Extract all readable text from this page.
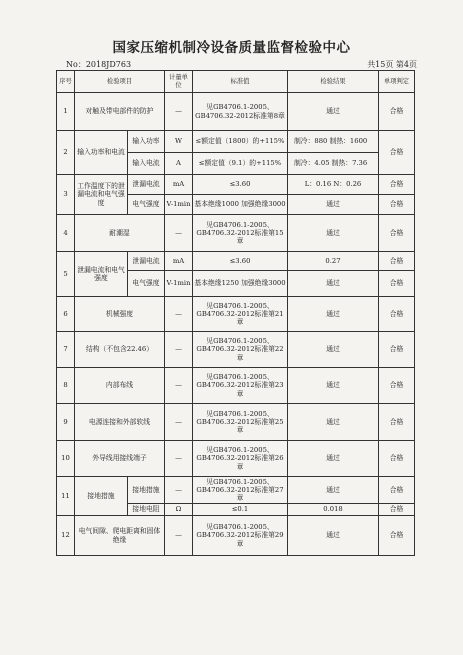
国家压缩机制冷设备质量监督检验中心
No：2018JD763	共15页 第4页
序号	检验项目		计量单位	标准值	检验结果	单项判定
1	对触及带电部件的防护		—	见GB4706.1-2005、GB4706.32-2012标准第8章	通过	合格
2	输入功率和电流	输入功率	W	≤额定值（1800）的+115%	制冷：880 制热：1600	合格
		输入电流	A	≤额定值（9.1）的+115%	制冷：4.05 制热：7.36	
3	工作温度下的泄漏电流和电气强度	泄漏电流	mA	≤3.60	L：0.16 N：0.26	合格
		电气强度	V-1min	基本绝缘1000 加强绝缘3000	通过	合格
4	耐潮湿		—	见GB4706.1-2005、GB4706.32-2012标准第15章	通过	合格
5	泄漏电流和电气强度	泄漏电流	mA	≤3.60	0.27	合格
		电气强度	V-1min	基本绝缘1250 加强绝缘3000	通过	合格
6	机械强度		—	见GB4706.1-2005、GB4706.32-2012标准第21章	通过	合格
7	结构（不包含22.46）		—	见GB4706.1-2005、GB4706.32-2012标准第22章	通过	合格
8	内部布线		—	见GB4706.1-2005、GB4706.32-2012标准第23章	通过	合格
9	电源连接和外部软线		—	见GB4706.1-2005、GB4706.32-2012标准第25章	通过	合格
10	外导线用接线端子		—	见GB4706.1-2005、GB4706.32-2012标准第26章	通过	合格
11	接地措施	接地措施	—	见GB4706.1-2005、GB4706.32-2012标准第27章	通过	合格
		接地电阻	Ω	≤0.1	0.018	合格
12	电气间隙、爬电距离和固体绝缘		—	见GB4706.1-2005、GB4706.32-2012标准第29章	通过	合格
